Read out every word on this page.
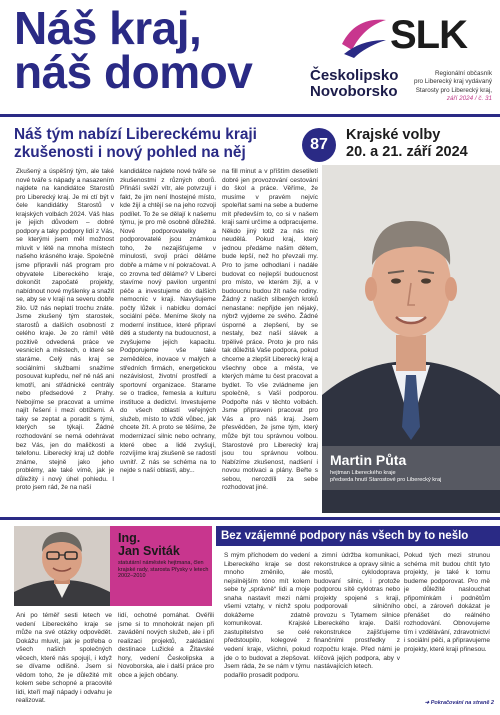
Náš kraj,
náš domov
SLK
Českolipsko
Novoborsko
Regionální občasník
pro Liberecký kraj vydávaný
Starosty pro Liberecký kraj,
září 2024 / č. 31
Náš tým nabízí Libereckému kraji zkušenosti i nový pohled na něj	87
Krajské volby
20. a 21. září 2024
Zkušený a úspěšný tým, ale také nové tváře s nápady a nasazením najdete na kandidátce Starostů pro Liberecký kraj. Je mi ctí být v čele kandidátky Starostů v krajských volbách 2024. Váš hlas je jejich důvodem – dobré podpory a taky podpory lidí z Vás, se kterými jsem měl možnost mluvit v létě na mnoha místech našeho krásného kraje. Společně jsme připravili náš program pro obyvatele Libereckého kraje, dokončit započaté projekty, nabídnout nové myšlenky a snažit se, aby se v kraji na severu dobře žilo. Už nás neplatí trochu znáte. Jsme zkušený tým starostek, starostů a dalších osobností z celého kraje. Je zo rámí! větě pozitivě odvedená práce ve vesnicích a městech, o které se staráme. Celý nás kraj se sociálními službami snažíme posouvat kupředu, neř ně náš ani kmotří, ani střádnické centrály nebo předsedové z Prahy. Nebojíme se pracovat a umíme najít řešení i mezi obtížemi. A taky se zeptat a poradit s tými, kterých se týkají. Žádné rozhodování se nemá odehrávat bez Vás, jen do maličkosti a telefonu. Liberecký kraj už dobře známe, stejně jako jeho problémy, ale také vímě, jak je důležitý i nový úhel pohledu. I proto jsem rád, že na naší
kandidátce najdete nové tváře se zkušenostmi z různých oborů. Přináší svěží vítr, ale potvrzují i fakt, že jim není lhostejné místo, kde žijí a chtějí se na jeho rozvoji podílet. To že se dělají k našemu týmu, je pro mě osobně důležité. Nové podporovatelky a podporovatelé jsou známkou toho, že nezajišťujeme v minulosti, svoji práci děláme dobře a máme v ní pokračovat. A co zrovna teď děláme? V Liberci stavíme nový pavilon urgentní péče a investujeme do dalších nemocnic v kraji. Navyšujeme počty lůžek i nabídku domácí sociální péče. Meníme školy na moderní instituce, které připraví děti a studenty na budoucnost, a zvyšujeme jejich kapacitu. Podporujeme vše také zemědělce, inovace v malých a středních firmách, energetickou nezávislost, životní prostředí a sportovní organizace. Starame se o tradice, řemesla a kulturu instituce a dedictví. Investujeme do všech oblastí veřejných služeb, místo to vždě vůbec, jak chcete žít. A proto se těšíme, že modernizací silnic nebo ochrany, které obec a lidé zvyšují, rozvíjíme kraj zkušeně se radostí uvnitř. Z nás se schéma na to nejde s naší oblasti, aby...
na fill minut a v příštím desetiletí dobré jen provozování cestování do škol a práce. Věříme, že musíme v pravém nejvíc spoleřlat sami na sebe a budeme mít především to, co si v našem kraji sami určíme a odpracujeme. Někdo jiný totiž za nás nic neudělá. Pokud kraj, který jednou předáme našim dětem, bude lepší, než ho převzali my. Pro to jsme odhodlaní i nadále budovat co nejlepší budoucnost pro místo, ve kterém žijí, a v budoucnu budou žít naše rodiny. Žádný z našich slíbených kroků nenastane: nepřijde jen nějaký, nýbrž vyjdeme ze svého. Žádné úsporné a zlepšení, by se nestaly, bez naší slávek a trpělivé práce. Proto je pro nás tak důležitá Vaše podpora, pokud chceme a zlepšit Liberecký kraj a všechny obce a města, ve kterých máme tu čest pracovat a bydlet. To vše zvládneme jen společně, s Vaší podporou. Podpořte nás v těchto volbách. Jsme připraveni pracovat pro Vás a pro náš kraj. Jsem přesvědčen, že jsme tým, který může být tou správnou volbou. Starostové pro Liberecký kraj jsou tou správnou volbou. Nabízíme zkušenost, nadšení i novou motivaci a plány. Beřte s sebou, nerozdíli za sebe rozhodovat jiné.
Martin Půta
hejtman Libereckého kraje
předseda hnutí Starostové pro Liberecký kraj
Ing.
Jan Sviták
statutární náměstek hejtmana, člen krajské rady, starosta Přysky v letech 2002–2010
Ani po téměř sesti letech ve vedení Libereckého kraje se může na své otázky odpovědět. Dokážu mluvit, jak je potřeba o všech našich společných věcech, které nás spojují, i když se dívame odlišně. Jsem si vědom toho, že je důležité mít kolem sebe schopné a pracovité lidi, kteří mají nápady i odvahu je realizovat.
lidí, ochotné pomáhat. Ověřili jsme si to mnohokrát nejen při zavádění nových služeb, ale i při realizaci projektů, zakládání destinace Lužické a Žitavské hory, vedení Českolipska a Novoborska, ale i další práce pro obce a jejich občany.
Bez vzájemné podpory nás všech by to nešlo
S mým příchodem do vedení Libereckého kraje se dost mnoho změnilo, ale nejsilnějším tóno mít kolem sebe ty „správně“ lidi a moje snaha nastavit mezi námi všemi vztahy, v nichž spolu dokážeme zdatně komunikovat. Krajské zastupitelstvo se celé předstoupilo, kolegové z vedení kraje, všichni, pokud jde o to budovat a zlepšovat. Jsem ráda, že se nám v týmu podařilo prosadit podporu.
a zimní údržba komunikací, rekonstrukce a opravy silnic a mostů, cyklodoprava budovaní silnic, i protože podporou sítě cyklotras nebo projekty spojené s kraji, podporovali silničního provozu s Tytamem silnice Libereckého kraje. Další rekonstrukce zajišťujeme finančními prostředky z rozpočtu kraje. Před námi je klíčová jejich podpora, aby v nastávajících letech.
Pokud tých mezi strunou schéma mít budou chtít tyto projekty, je také k tomu budeme podporovat. Pro mě je důležité naslouchat připomínkám i podnětům obcí, a zároveň dokázat je přenášet do reálného rozhodování. Obnovujeme tím i vzdělávání, zdravotnictví i sociální péči, a připravujeme projekty, které kraji přinesou.
➜ Pokračování na straně 2
